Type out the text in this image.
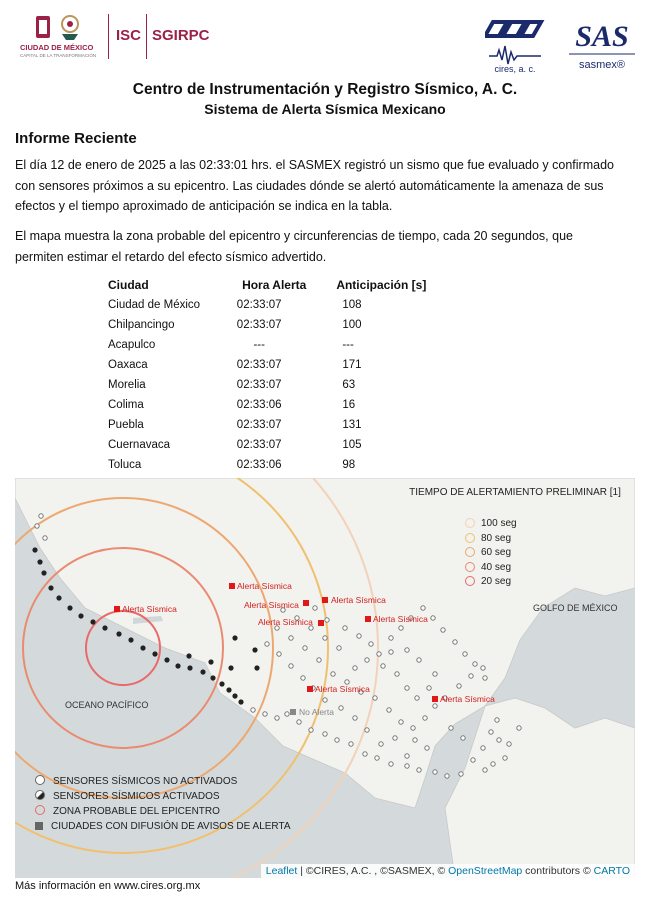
CIUDAD DE MÉXICO
CAPITAL DE LA TRANSFORMACIÓN
ISC SGIRPC
cires, a. c.
SAS
sasmex®
Centro de Instrumentación y Registro Sísmico, A. C.
Sistema de Alerta Sísmica Mexicano
Informe Reciente
El día 12 de enero de 2025 a las 02:33:01 hrs. el SASMEX registró un sismo que fue evaluado y confirmado con sensores próximos a su epicentro. Las ciudades dónde se alertó automáticamente la amenaza de sus efectos y el tiempo aproximado de anticipación se indica en la tabla.
El mapa muestra la zona probable del epicentro y circunferencias de tiempo, cada 20 segundos, que permiten estimar el retardo del efecto sísmico advertido.
Ciudad	Hora Alerta	Anticipación [s]
Ciudad de México	02:33:07	108
Chilpancingo	02:33:07	100
Acapulco	---	---
Oaxaca	02:33:07	171
Morelia	02:33:07	63
Colima	02:33:06	16
Puebla	02:33:07	131
Cuernavaca	02:33:07	105
Toluca	02:33:06	98
TIEMPO DE ALERTAMIENTO PRELIMINAR [1]
100 seg
80 seg
60 seg
40 seg
20 seg
GOLFO DE MÉXICO
OCEANO PACÍFICO
Alerta Sísmica
Alerta Sísmica	Alerta Sísmica	Alerta Sísmica
Alerta Sísmica	Alerta Sísmica
Alerta Sísmica
Alerta Sísmica
No Alerta
SENSORES SÍSMICOS NO ACTIVADOS
SENSORES SÍSMICOS ACTIVADOS
ZONA PROBABLE DEL EPICENTRO
CIUDADES CON DIFUSIÓN DE AVISOS DE ALERTA
Leaflet | ©CIRES, A.C. , ©SASMEX, © OpenStreetMap contributors © CARTO
Más información en www.cires.org.mx
